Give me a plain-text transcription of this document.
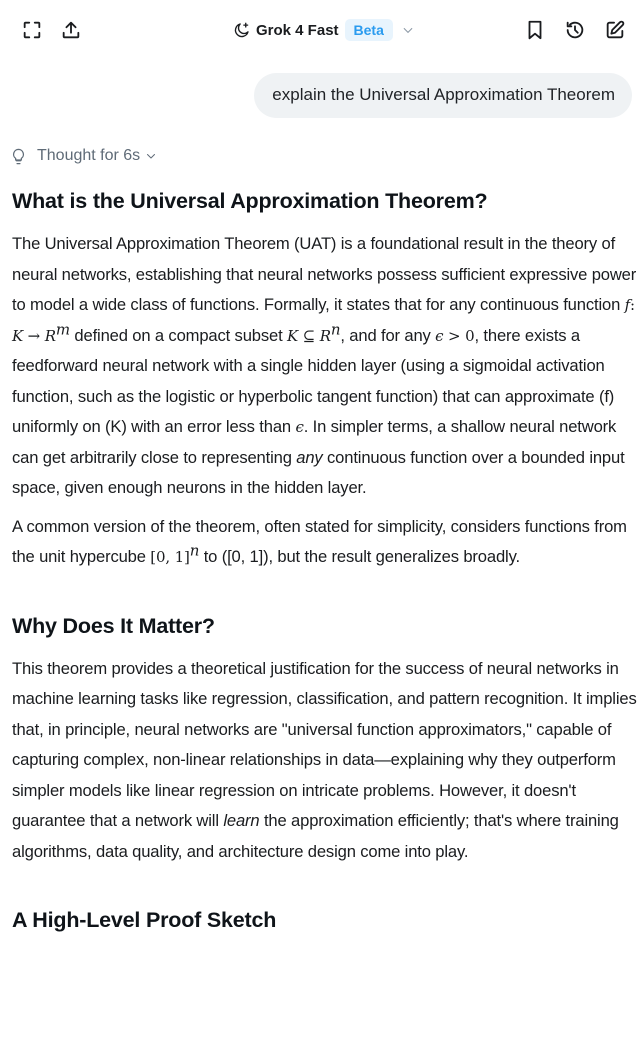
Grok 4 Fast	Beta
explain the Universal Approximation Theorem
Thought for 6s
What is the Universal Approximation Theorem?

The Universal Approximation Theorem (UAT) is a foundational result in the theory of neural networks, establishing that neural networks possess sufficient expressive power to model a wide class of functions. Formally, it states that for any continuous function f: $K \to R^m$ defined on a compact subset K ⊆ $R^n$, and for any ϵ > 0, there exists a feedforward neural network with a single hidden layer (using a sigmoidal activation function, such as the logistic or hyperbolic tangent function) that can approximate (f) uniformly on (K) with an error less than ϵ. In simpler terms, a shallow neural network can get arbitrarily close to representing any continuous function over a bounded input space, given enough neurons in the hidden layer.

A common version of the theorem, often stated for simplicity, considers functions from the unit hypercube [0, 1]$^n$ to ([0, 1]), but the result generalizes broadly.

Why Does It Matter?

This theorem provides a theoretical justification for the success of neural networks in machine learning tasks like regression, classification, and pattern recognition. It implies that, in principle, neural networks are "universal function approximators," capable of capturing complex, non-linear relationships in data—explaining why they outperform simpler models like linear regression on intricate problems. However, it doesn't guarantee that a network will learn the approximation efficiently; that's where training algorithms, data quality, and architecture design come into play.

A High-Level Proof Sketch
